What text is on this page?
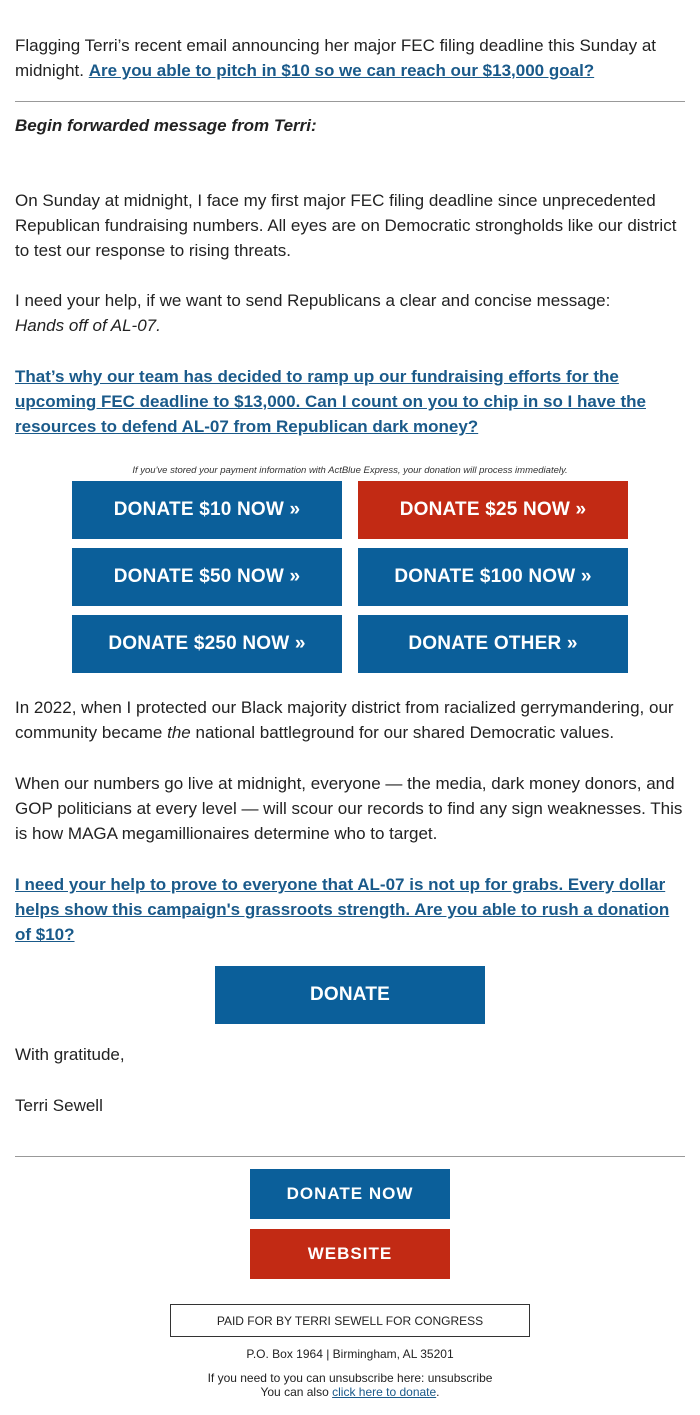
Flagging Terri’s recent email announcing her major FEC filing deadline this Sunday at midnight. Are you able to pitch in $10 so we can reach our $13,000 goal?

Begin forwarded message from Terri:

On Sunday at midnight, I face my first major FEC filing deadline since unprecedented Republican fundraising numbers. All eyes are on Democratic strongholds like our district to test our response to rising threats.

I need your help, if we want to send Republicans a clear and concise message:
Hands off of AL-07.

That’s why our team has decided to ramp up our fundraising efforts for the upcoming FEC deadline to $13,000. Can I count on you to chip in so I have the resources to defend AL-07 from Republican dark money?

If you've stored your payment information with ActBlue Express, your donation will process immediately.
DONATE $10 NOW »	DONATE $25 NOW »
DONATE $50 NOW »	DONATE $100 NOW »
DONATE $250 NOW »	DONATE OTHER »

In 2022, when I protected our Black majority district from racialized gerrymandering, our community became the national battleground for our shared Democratic values.

When our numbers go live at midnight, everyone — the media, dark money donors, and GOP politicians at every level — will scour our records to find any sign weaknesses. This is how MAGA megamillionaires determine who to target.

I need your help to prove to everyone that AL-07 is not up for grabs. Every dollar helps show this campaign's grassroots strength. Are you able to rush a donation of $10?

DONATE

With gratitude,

Terri Sewell

DONATE NOW
WEBSITE
PAID FOR BY TERRI SEWELL FOR CONGRESS
P.O. Box 1964 | Birmingham, AL 35201
If you need to you can unsubscribe here: unsubscribe
You can also click here to donate.
